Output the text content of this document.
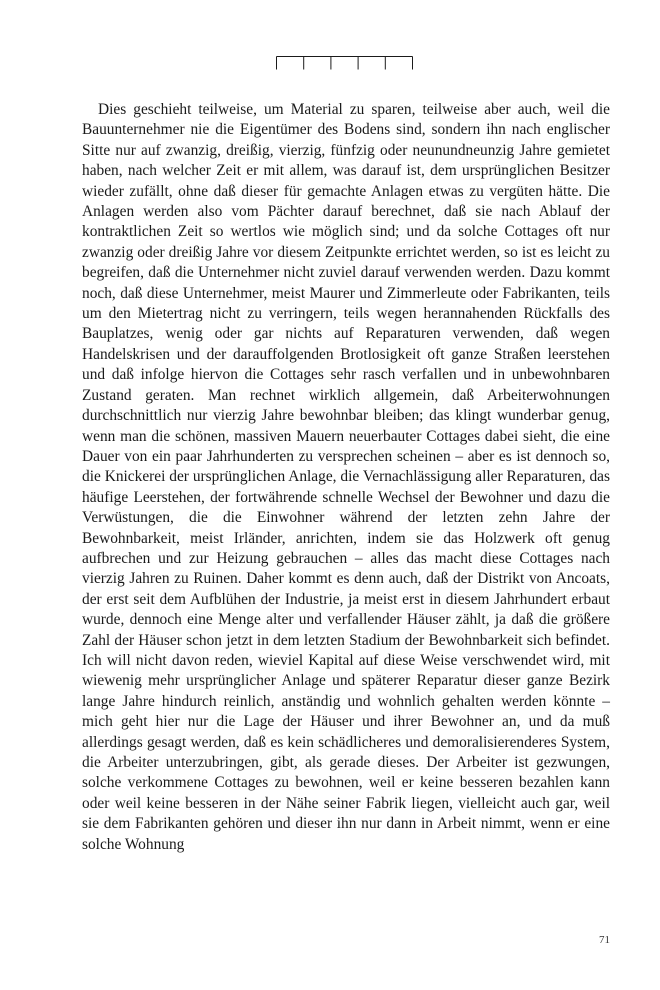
Dies geschieht teilweise, um Material zu sparen, teilweise aber auch, weil die Bauunternehmer nie die Eigentümer des Bodens sind, sondern ihn nach englischer Sitte nur auf zwanzig, dreißig, vierzig, fünfzig oder neunundneunzig Jahre gemietet haben, nach welcher Zeit er mit allem, was darauf ist, dem ursprünglichen Besitzer wieder zufällt, ohne daß dieser für gemachte Anlagen etwas zu vergüten hätte. Die Anlagen werden also vom Pächter darauf berechnet, daß sie nach Ablauf der kontraktlichen Zeit so wertlos wie möglich sind; und da solche Cottages oft nur zwanzig oder dreißig Jahre vor diesem Zeitpunkte errichtet werden, so ist es leicht zu begreifen, daß die Unternehmer nicht zuviel darauf verwenden werden. Dazu kommt noch, daß diese Unternehmer, meist Maurer und Zimmerleute oder Fabrikanten, teils um den Mietertrag nicht zu verringern, teils wegen herannahenden Rückfalls des Bauplatzes, wenig oder gar nichts auf Reparaturen verwenden, daß wegen Handelskrisen und der darauffolgenden Brotlosigkeit oft ganze Straßen leerstehen und daß infolge hiervon die Cottages sehr rasch verfallen und in unbewohnbaren Zustand geraten. Man rechnet wirklich allgemein, daß Arbeiterwohnungen durchschnittlich nur vierzig Jahre bewohnbar bleiben; das klingt wunderbar genug, wenn man die schönen, massiven Mauern neuerbauter Cottages dabei sieht, die eine Dauer von ein paar Jahrhunderten zu versprechen scheinen – aber es ist dennoch so, die Knickerei der ursprünglichen Anlage, die Vernachlässigung aller Reparaturen, das häufige Leerstehen, der fortwährende schnelle Wechsel der Bewohner und dazu die Verwüstungen, die die Einwohner während der letzten zehn Jahre der Bewohnbarkeit, meist Irländer, anrichten, indem sie das Holzwerk oft genug aufbrechen und zur Heizung gebrauchen – alles das macht diese Cottages nach vierzig Jahren zu Ruinen. Daher kommt es denn auch, daß der Distrikt von Ancoats, der erst seit dem Aufblühen der Industrie, ja meist erst in diesem Jahrhundert erbaut wurde, dennoch eine Menge alter und verfallender Häuser zählt, ja daß die größere Zahl der Häuser schon jetzt in dem letzten Stadium der Bewohnbarkeit sich befindet. Ich will nicht davon reden, wieviel Kapital auf diese Weise verschwendet wird, mit wiewenig mehr ursprünglicher Anlage und späterer Reparatur dieser ganze Bezirk lange Jahre hindurch reinlich, anständig und wohnlich gehalten werden könnte – mich geht hier nur die Lage der Häuser und ihrer Bewohner an, und da muß allerdings gesagt werden, daß es kein schädlicheres und demoralisierenderes System, die Arbeiter unterzubringen, gibt, als gerade dieses. Der Arbeiter ist gezwungen, solche verkommene Cottages zu bewohnen, weil er keine besseren bezahlen kann oder weil keine besseren in der Nähe seiner Fabrik liegen, vielleicht auch gar, weil sie dem Fabrikanten gehören und dieser ihn nur dann in Arbeit nimmt, wenn er eine solche Wohnung

71
